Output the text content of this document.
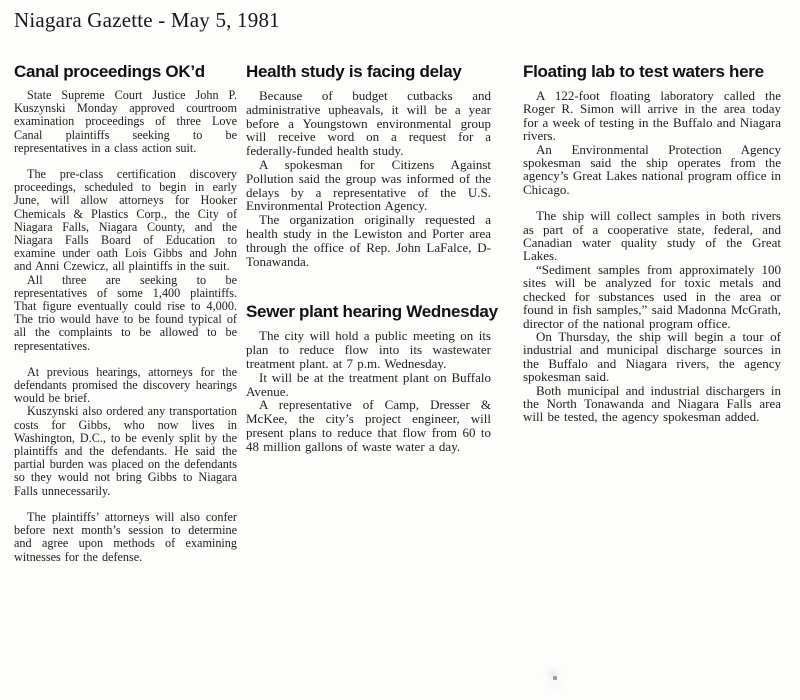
Niagara Gazette - May 5, 1981
Canal proceedings OK’d

State Supreme Court Justice John P. Kuszynski Monday approved courtroom examination proceedings of three Love Canal plaintiffs seeking to be representatives in a class action suit.

The pre-class certification discovery proceedings, scheduled to begin in early June, will allow attorneys for Hooker Chemicals & Plastics Corp., the City of Niagara Falls, Niagara County, and the Niagara Falls Board of Education to examine under oath Lois Gibbs and John and Anni Czewicz, all plaintiffs in the suit.

All three are seeking to be representatives of some 1,400 plaintiffs. That figure eventually could rise to 4,000. The trio would have to be found typical of all the complaints to be allowed to be representatives.

At previous hearings, attorneys for the defendants promised the discovery hearings would be brief.

Kuszynski also ordered any transportation costs for Gibbs, who now lives in Washington, D.C., to be evenly split by the plaintiffs and the defendants. He said the partial burden was placed on the defendants so they would not bring Gibbs to Niagara Falls unnecessarily.

The plaintiffs’ attorneys will also confer before next month’s session to determine and agree upon methods of examining witnesses for the defense.

Health study is facing delay

Because of budget cutbacks and administrative upheavals, it will be a year before a Youngstown environmental group will receive word on a request for a federally-funded health study.

A spokesman for Citizens Against Pollution said the group was informed of the delays by a representative of the U.S. Environmental Protection Agency.

The organization originally requested a health study in the Lewiston and Porter area through the office of Rep. John LaFalce, D-Tonawanda.

Sewer plant hearing Wednesday

The city will hold a public meeting on its plan to reduce flow into its wastewater treatment plant. at 7 p.m. Wednesday.

It will be at the treatment plant on Buffalo Avenue.

A representative of Camp, Dresser & McKee, the city’s project engineer, will present plans to reduce that flow from 60 to 48 million gallons of waste water a day.

Floating lab to test waters here

A 122-foot floating laboratory called the Roger R. Simon will arrive in the area today for a week of testing in the Buffalo and Niagara rivers.

An Environmental Protection Agency spokesman said the ship operates from the agency’s Great Lakes national program office in Chicago.

The ship will collect samples in both rivers as part of a cooperative state, federal, and Canadian water quality study of the Great Lakes.

“Sediment samples from approximately 100 sites will be analyzed for toxic metals and checked for substances used in the area or found in fish samples,” said Madonna McGrath, director of the national program office.

On Thursday, the ship will begin a tour of industrial and municipal discharge sources in the Buffalo and Niagara rivers, the agency spokesman said.

Both municipal and industrial dischargers in the North Tonawanda and Niagara Falls area will be tested, the agency spokesman added.
